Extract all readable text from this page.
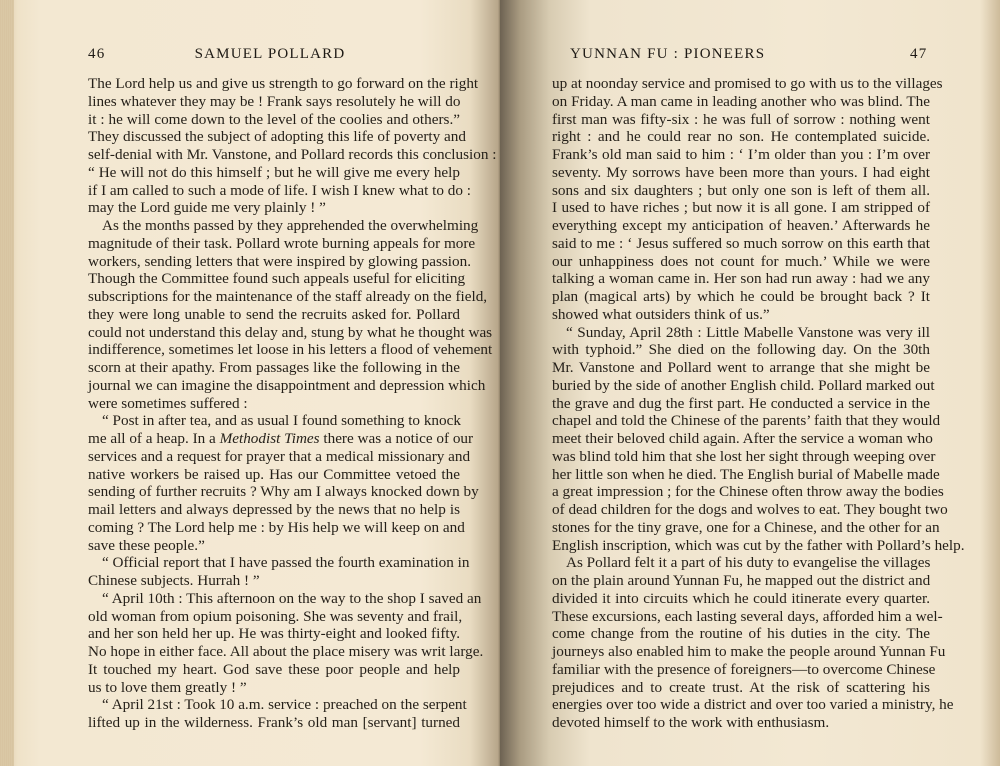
46	SAMUEL POLLARD
The Lord help us and give us strength to go forward on the right
lines whatever they may be ! Frank says resolutely he will do
it : he will come down to the level of the coolies and others.”
They discussed the subject of adopting this life of poverty and
self-denial with Mr. Vanstone, and Pollard records this conclusion :
“ He will not do this himself ; but he will give me every help
if I am called to such a mode of life. I wish I knew what to do :
may the Lord guide me very plainly ! ”
As the months passed by they apprehended the overwhelming
magnitude of their task. Pollard wrote burning appeals for more
workers, sending letters that were inspired by glowing passion.
Though the Committee found such appeals useful for eliciting
subscriptions for the maintenance of the staff already on the field,
they were long unable to send the recruits asked for. Pollard
could not understand this delay and, stung by what he thought was
indifference, sometimes let loose in his letters a flood of vehement
scorn at their apathy. From passages like the following in the
journal we can imagine the disappointment and depression which
were sometimes suffered :
“ Post in after tea, and as usual I found something to knock
me all of a heap. In a Methodist Times there was a notice of our
services and a request for prayer that a medical missionary and
native workers be raised up. Has our Committee vetoed the
sending of further recruits ? Why am I always knocked down by
mail letters and always depressed by the news that no help is
coming ? The Lord help me : by His help we will keep on and
save these people.”
“ Official report that I have passed the fourth examination in
Chinese subjects. Hurrah ! ”
“ April 10th : This afternoon on the way to the shop I saved an
old woman from opium poisoning. She was seventy and frail,
and her son held her up. He was thirty-eight and looked fifty.
No hope in either face. All about the place misery was writ large.
It touched my heart. God save these poor people and help
us to love them greatly ! ”
“ April 21st : Took 10 a.m. service : preached on the serpent
lifted up in the wilderness. Frank’s old man [servant] turned
YUNNAN FU : PIONEERS	47
up at noonday service and promised to go with us to the villages
on Friday. A man came in leading another who was blind. The
first man was fifty-six : he was full of sorrow : nothing went
right : and he could rear no son. He contemplated suicide.
Frank’s old man said to him : ‘ I’m older than you : I’m over
seventy. My sorrows have been more than yours. I had eight
sons and six daughters ; but only one son is left of them all.
I used to have riches ; but now it is all gone. I am stripped of
everything except my anticipation of heaven.’ Afterwards he
said to me : ‘ Jesus suffered so much sorrow on this earth that
our unhappiness does not count for much.’ While we were
talking a woman came in. Her son had run away : had we any
plan (magical arts) by which he could be brought back ? It
showed what outsiders think of us.”
“ Sunday, April 28th : Little Mabelle Vanstone was very ill
with typhoid.” She died on the following day. On the 30th
Mr. Vanstone and Pollard went to arrange that she might be
buried by the side of another English child. Pollard marked out
the grave and dug the first part. He conducted a service in the
chapel and told the Chinese of the parents’ faith that they would
meet their beloved child again. After the service a woman who
was blind told him that she lost her sight through weeping over
her little son when he died. The English burial of Mabelle made
a great impression ; for the Chinese often throw away the bodies
of dead children for the dogs and wolves to eat. They bought two
stones for the tiny grave, one for a Chinese, and the other for an
English inscription, which was cut by the father with Pollard’s help.
As Pollard felt it a part of his duty to evangelise the villages
on the plain around Yunnan Fu, he mapped out the district and
divided it into circuits which he could itinerate every quarter.
These excursions, each lasting several days, afforded him a wel-
come change from the routine of his duties in the city. The
journeys also enabled him to make the people around Yunnan Fu
familiar with the presence of foreigners—to overcome Chinese
prejudices and to create trust. At the risk of scattering his
energies over too wide a district and over too varied a ministry, he
devoted himself to the work with enthusiasm.
